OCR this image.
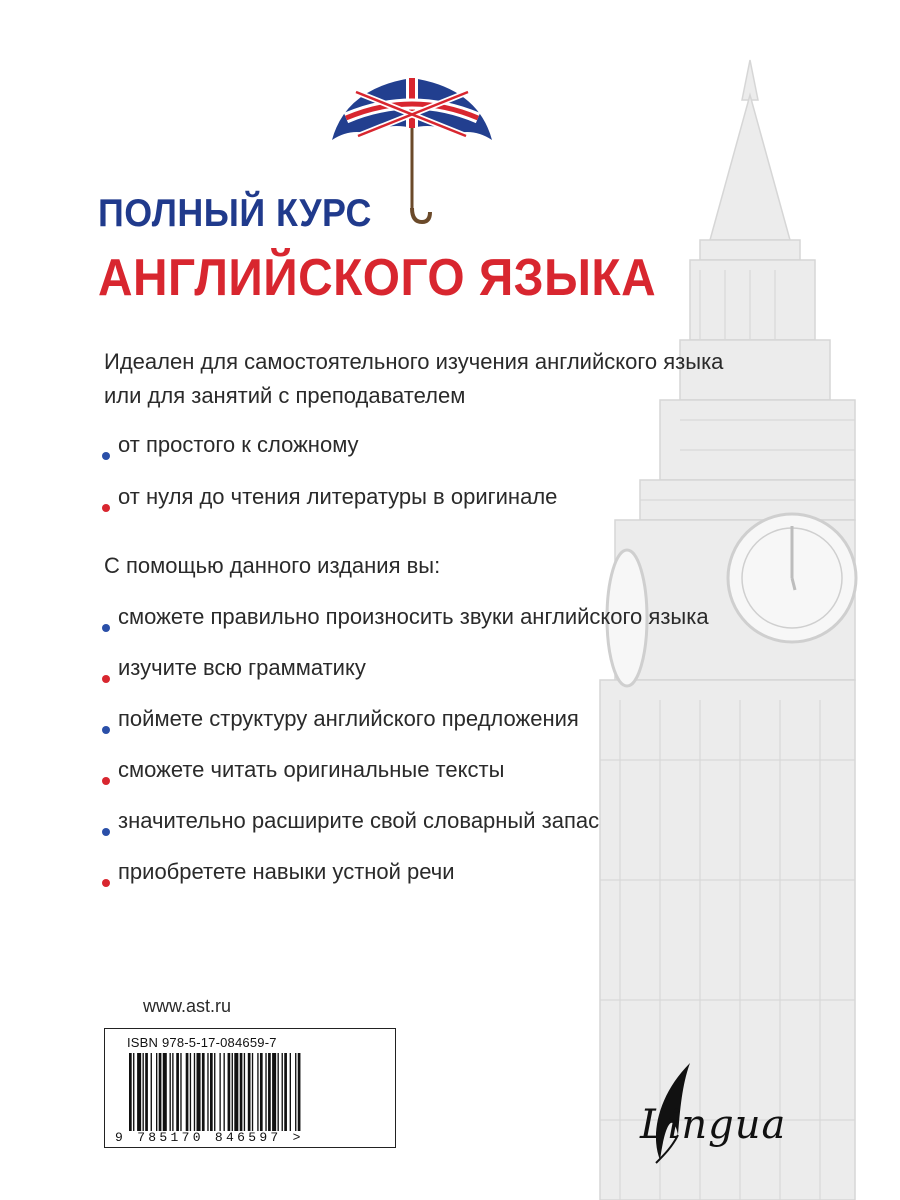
ПОЛНЫЙ КУРС
АНГЛИЙСКОГО ЯЗЫКА
Идеален для самостоятельного изучения английского языка
или для занятий с преподавателем
от простого к сложному
от нуля до чтения литературы в оригинале
С помощью данного издания вы:
сможете правильно произносить звуки английского языка
изучите всю грамматику
поймете структуру английского предложения
сможете читать оригинальные тексты
значительно расширите свой словарный запас
приобретете навыки устной речи
www.ast.ru
ISBN 978-5-17-084659-7
9 785170 846597 >	Lingua
